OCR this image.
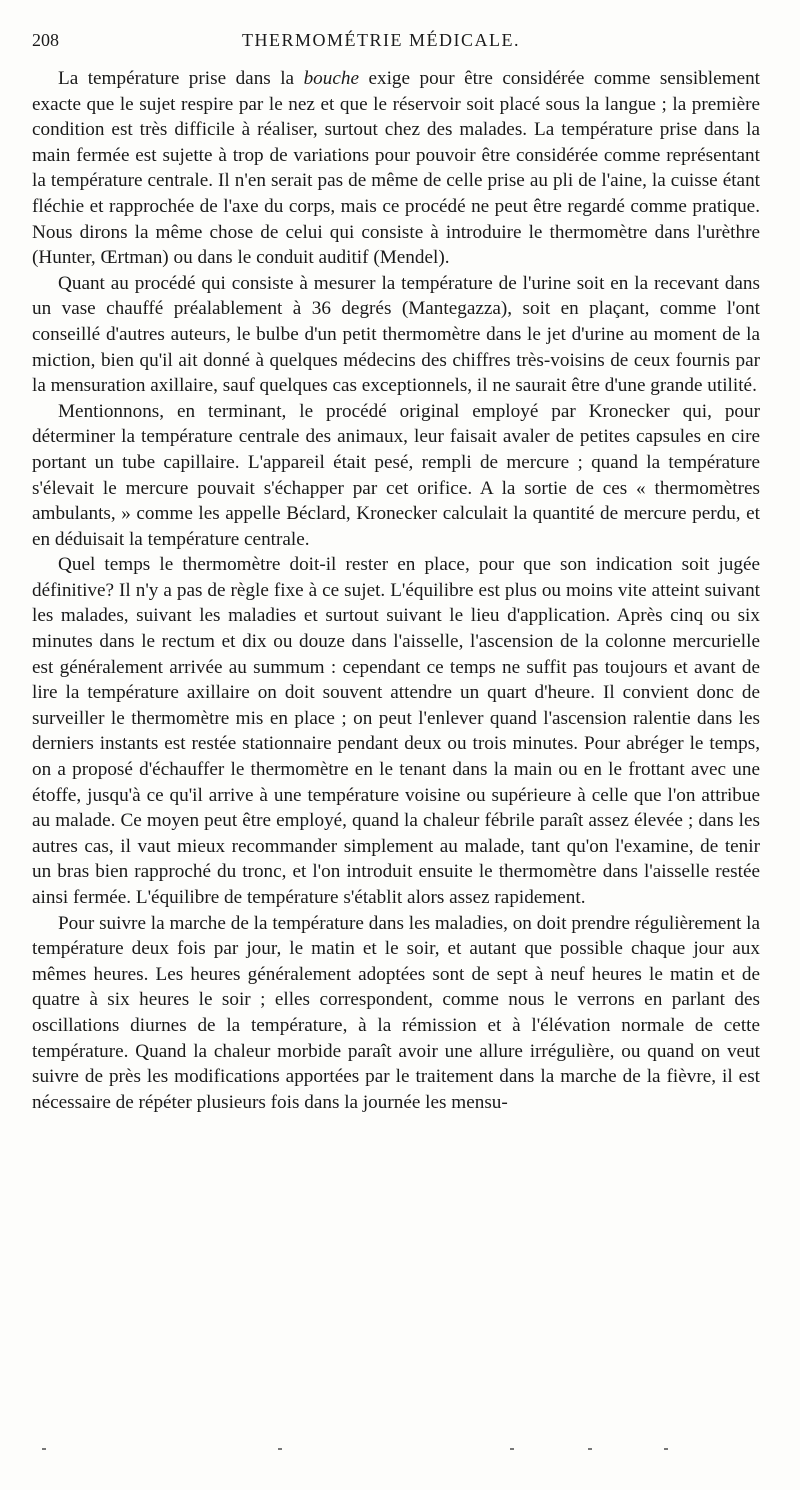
208	THERMOMÉTRIE MÉDICALE.

La température prise dans la bouche exige pour être considérée comme sensiblement exacte que le sujet respire par le nez et que le réservoir soit placé sous la langue ; la première condition est très difficile à réaliser, surtout chez des malades. La température prise dans la main fermée est sujette à trop de variations pour pouvoir être considérée comme représentant la température centrale. Il n'en serait pas de même de celle prise au pli de l'aine, la cuisse étant fléchie et rapprochée de l'axe du corps, mais ce procédé ne peut être regardé comme pratique. Nous dirons la même chose de celui qui consiste à introduire le thermomètre dans l'urèthre (Hunter, Œrtman) ou dans le conduit auditif (Mendel).

Quant au procédé qui consiste à mesurer la température de l'urine soit en la recevant dans un vase chauffé préalablement à 36 degrés (Mantegazza), soit en plaçant, comme l'ont conseillé d'autres auteurs, le bulbe d'un petit thermomètre dans le jet d'urine au moment de la miction, bien qu'il ait donné à quelques médecins des chiffres très-voisins de ceux fournis par la mensuration axillaire, sauf quelques cas exceptionnels, il ne saurait être d'une grande utilité.

Mentionnons, en terminant, le procédé original employé par Kronecker qui, pour déterminer la température centrale des animaux, leur faisait avaler de petites capsules en cire portant un tube capillaire. L'appareil était pesé, rempli de mercure ; quand la température s'élevait le mercure pouvait s'échapper par cet orifice. A la sortie de ces « thermomètres ambulants, » comme les appelle Béclard, Kronecker calculait la quantité de mercure perdu, et en déduisait la température centrale.

Quel temps le thermomètre doit-il rester en place, pour que son indication soit jugée définitive? Il n'y a pas de règle fixe à ce sujet. L'équilibre est plus ou moins vite atteint suivant les malades, suivant les maladies et surtout suivant le lieu d'application. Après cinq ou six minutes dans le rectum et dix ou douze dans l'aisselle, l'ascension de la colonne mercurielle est généralement arrivée au summum : cependant ce temps ne suffit pas toujours et avant de lire la température axillaire on doit souvent attendre un quart d'heure. Il convient donc de surveiller le thermomètre mis en place ; on peut l'enlever quand l'ascension ralentie dans les derniers instants est restée stationnaire pendant deux ou trois minutes. Pour abréger le temps, on a proposé d'échauffer le thermomètre en le tenant dans la main ou en le frottant avec une étoffe, jusqu'à ce qu'il arrive à une température voisine ou supérieure à celle que l'on attribue au malade. Ce moyen peut être employé, quand la chaleur fébrile paraît assez élevée ; dans les autres cas, il vaut mieux recommander simplement au malade, tant qu'on l'examine, de tenir un bras bien rapproché du tronc, et l'on introduit ensuite le thermomètre dans l'aisselle restée ainsi fermée. L'équilibre de température s'établit alors assez rapidement.

Pour suivre la marche de la température dans les maladies, on doit prendre régulièrement la température deux fois par jour, le matin et le soir, et autant que possible chaque jour aux mêmes heures. Les heures généralement adoptées sont de sept à neuf heures le matin et de quatre à six heures le soir ; elles correspondent, comme nous le verrons en parlant des oscillations diurnes de la température, à la rémission et à l'élévation normale de cette température. Quand la chaleur morbide paraît avoir une allure irrégulière, ou quand on veut suivre de près les modifications apportées par le traitement dans la marche de la fièvre, il est nécessaire de répéter plusieurs fois dans la journée les mensu-
